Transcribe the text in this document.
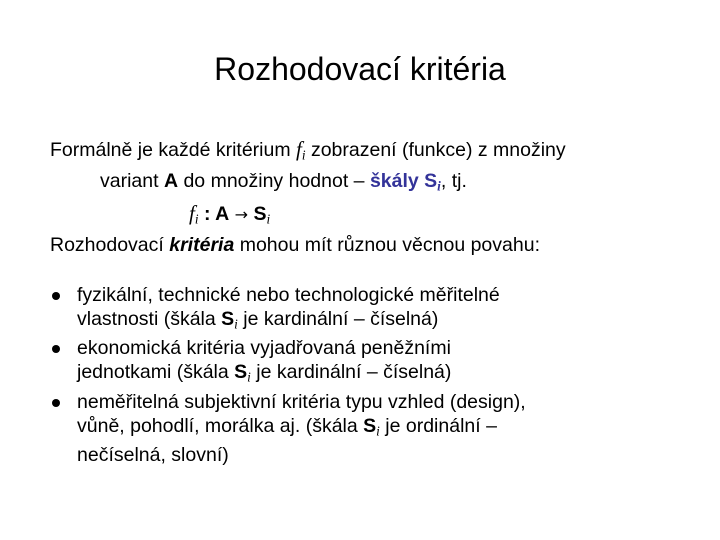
Rozhodovací kritéria
Formálně je každé kritérium $f_i$ zobrazení (funkce) z množiny
variant A do množiny hodnot – škály $S_i$, tj.
$f_i$ : $A \to S_i$
Rozhodovací kritéria mohou mít různou věcnou povahu:
fyzikální, technické nebo technologické měřitelné
vlastnosti (škála $S_i$ je kardinální – číselná)
ekonomická kritéria vyjadřovaná peněžními
jednotkami (škála $S_i$ je kardinální – číselná)
neměřitelná subjektivní kritéria typu vzhled (design),
vůně, pohodlí, morálka aj. (škála $S_i$ je ordinální –
nečíselná, slovní)
